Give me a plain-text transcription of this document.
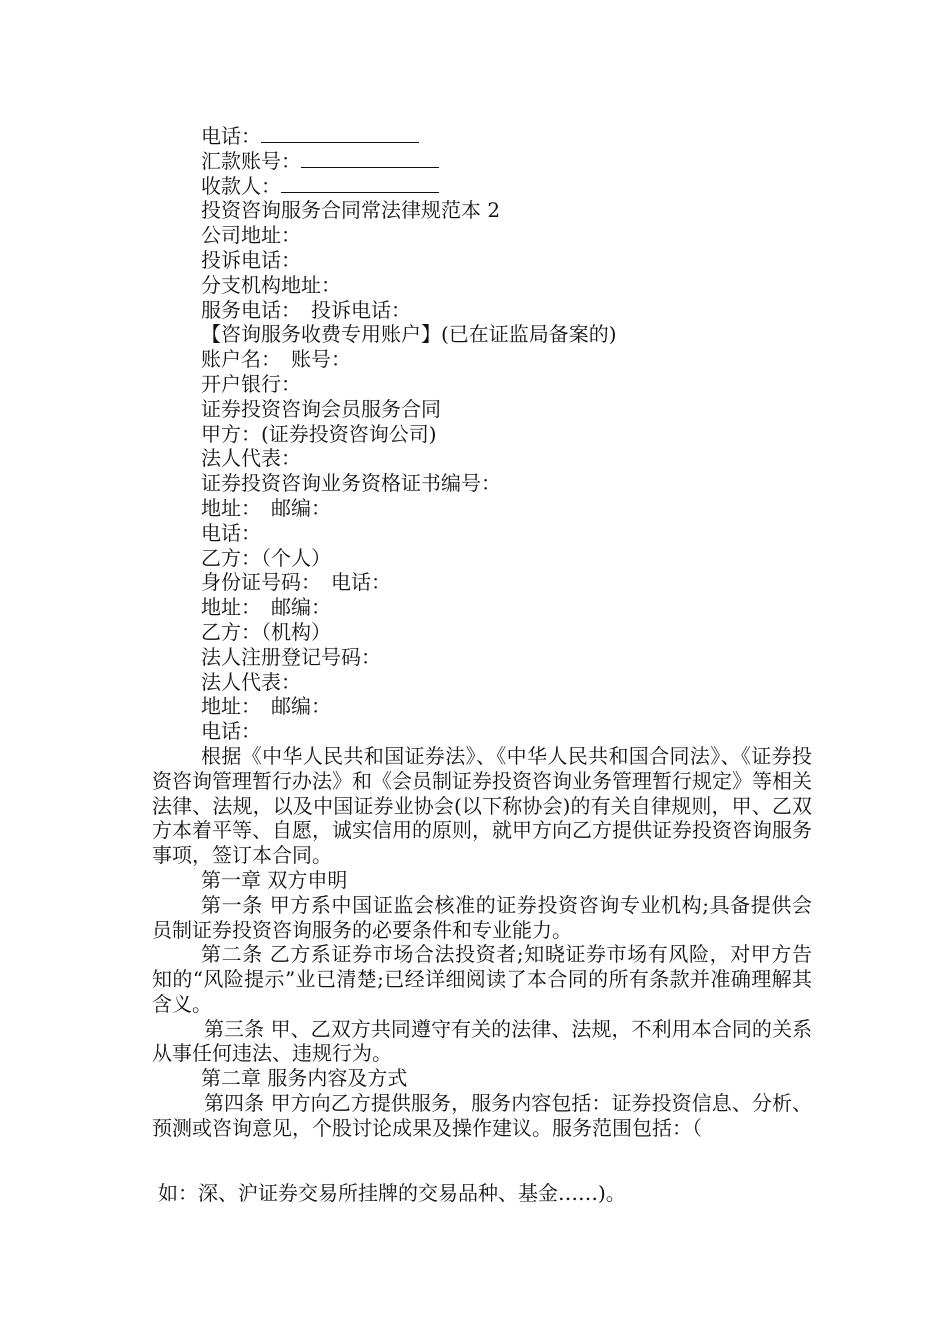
电话：
汇款账号：
收款人：
投资咨询服务合同常法律规范本 2
公司地址：
投诉电话：
分支机构地址：
服务电话：　投诉电话：
【咨询服务收费专用账户】(已在证监局备案的)
账户名：　账号：
开户银行：
证券投资咨询会员服务合同
甲方：(证券投资咨询公司)
法人代表：
证券投资咨询业务资格证书编号：
地址：　邮编：
电话：
乙方：（个人）
身份证号码：　电话：
地址：　邮编：
乙方：（机构）
法人注册登记号码：
法人代表：
地址：　邮编：
电话：
根据《中华人民共和国证券法》、《中华人民共和国合同法》、《证券投资咨询管理暂行办法》和《会员制证券投资咨询业务管理暂行规定》等相关法律、法规，以及中国证券业协会(以下称协会)的有关自律规则，甲、乙双方本着平等、自愿，诚实信用的原则，就甲方向乙方提供证券投资咨询服务事项，签订本合同。
第一章 双方申明
第一条 甲方系中国证监会核准的证券投资咨询专业机构;具备提供会员制证券投资咨询服务的必要条件和专业能力。
第二条 乙方系证券市场合法投资者;知晓证券市场有风险，对甲方告知的“风险提示”业已清楚;已经详细阅读了本合同的所有条款并准确理解其含义。
第三条 甲、乙双方共同遵守有关的法律、法规，不利用本合同的关系从事任何违法、违规行为。
第二章 服务内容及方式
第四条 甲方向乙方提供服务，服务内容包括：证券投资信息、分析、预测或咨询意见，个股讨论成果及操作建议。服务范围包括：（
如：深、沪证券交易所挂牌的交易品种、基金……)。
